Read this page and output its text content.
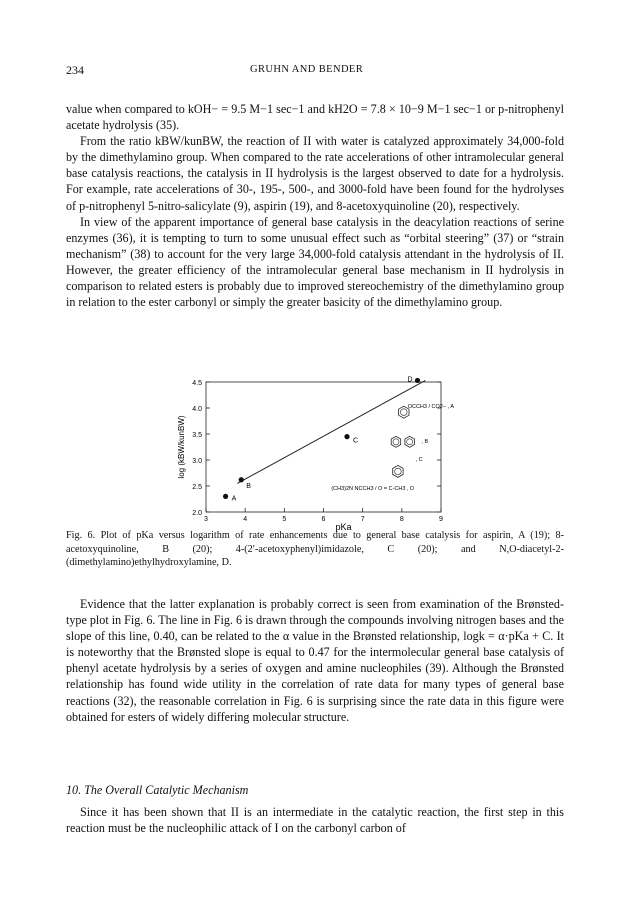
234	GRUHN AND BENDER

value when compared to kOH− = 9.5 M−1 sec−1 and kH2O = 7.8 × 10−9 M−1 sec−1 or p-nitrophenyl acetate hydrolysis (35).

From the ratio kBW/kunBW, the reaction of II with water is catalyzed approximately 34,000-fold by the dimethylamino group. When compared to the rate accelerations of other intramolecular general base catalysis reactions, the catalysis in II hydrolysis is the largest observed to date for a hydrolysis. For example, rate accelerations of 30-, 195-, 500-, and 3000-fold have been found for the hydrolyses of p-nitrophenyl 5-nitro-salicylate (9), aspirin (19), and 8-acetoxyquinoline (20), respectively.

In view of the apparent importance of general base catalysis in the deacylation reactions of serine enzymes (36), it is tempting to turn to some unusual effect such as “orbital steering” (37) or “strain mechanism” (38) to account for the very large 34,000-fold catalysis attendant in the hydrolysis of II. However, the greater efficiency of the intramolecular general base mechanism in II hydrolysis in comparison to related esters is probably due to improved stereochemistry of the dimethylamino group in relation to the ester carbonyl or simply the greater basicity of the dimethylamino group.

2.0
2.5
3.0
3.5
4.0
4.5
3	4	5	6	7	8	9
A
B
C
D
OCCH3 / CO2− , A
, B
, C
(CH3)2N NCCH3 / O = C-CH3 , D
pKa
log (kBW/kunBW)
Fig. 6. Plot of pKa versus logarithm of rate enhancements due to general base catalysis for aspirin, A (19); 8-acetoxyquinoline, B (20); 4-(2′-acetoxyphenyl)imidazole, C (20); and N,O-diacetyl-2-(dimethylamino)ethylhydroxylamine, D.

Evidence that the latter explanation is probably correct is seen from examination of the Brønsted-type plot in Fig. 6. The line in Fig. 6 is drawn through the compounds involving nitrogen bases and the slope of this line, 0.40, can be related to the α value in the Brønsted relationship, logk = α·pKa + C. It is noteworthy that the Brønsted slope is equal to 0.47 for the intermolecular general base catalysis of phenyl acetate hydrolysis by a series of oxygen and amine nucleophiles (39). Although the Brønsted relationship has found wide utility in the correlation of rate data for many types of general base reactions (32), the reasonable correlation in Fig. 6 is surprising since the rate data in this figure were obtained for esters of widely differing molecular structure.

10. The Overall Catalytic Mechanism

Since it has been shown that II is an intermediate in the catalytic reaction, the first step in this reaction must be the nucleophilic attack of I on the carbonyl carbon of
